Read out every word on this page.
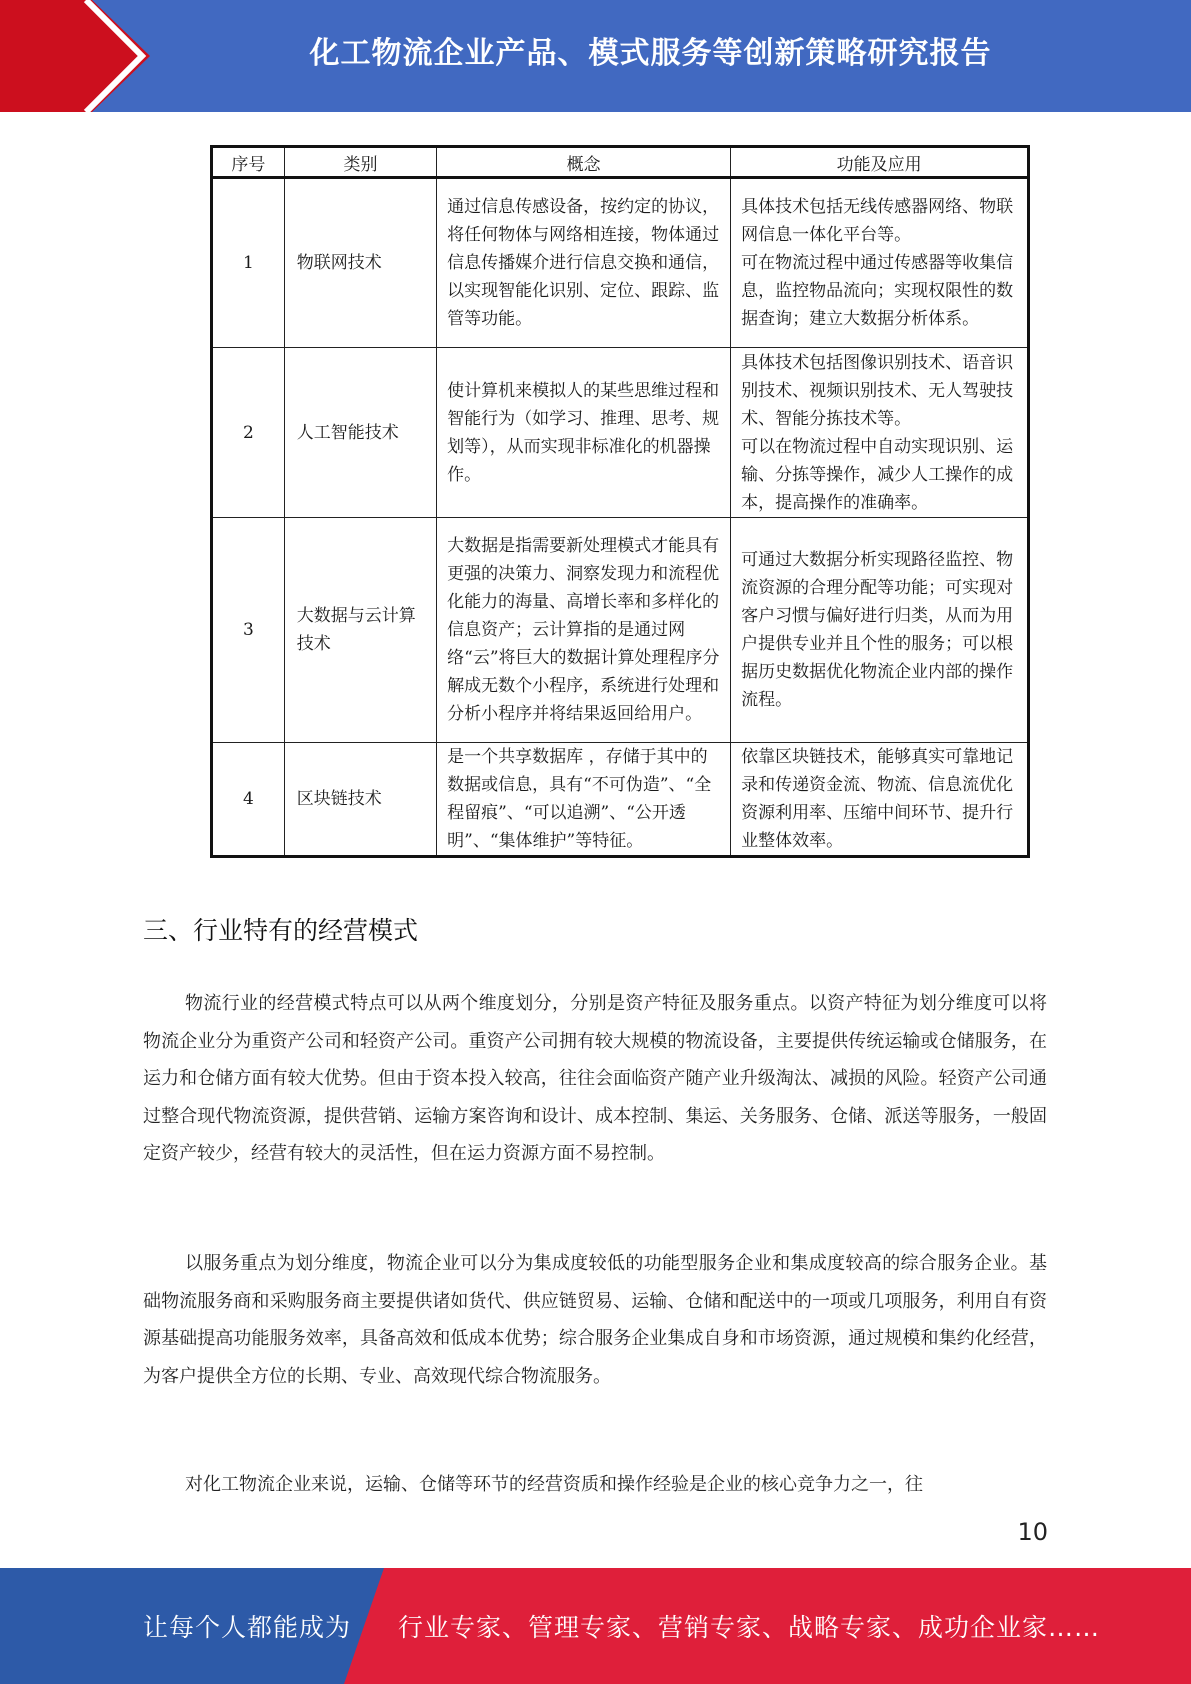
化工物流企业产品、模式服务等创新策略研究报告
序号	类别	概念	功能及应用
1	物联网技术	通过信息传感设备，按约定的协议，将任何物体与网络相连接，物体通过信息传播媒介进行信息交换和通信，以实现智能化识别、定位、跟踪、监管等功能。	具体技术包括无线传感器网络、物联网信息一体化平台等。
可在物流过程中通过传感器等收集信息，监控物品流向；实现权限性的数据查询；建立大数据分析体系。
2	人工智能技术	使计算机来模拟人的某些思维过程和智能行为（如学习、推理、思考、规划等），从而实现非标准化的机器操作。	具体技术包括图像识别技术、语音识别技术、视频识别技术、无人驾驶技术、智能分拣技术等。
可以在物流过程中自动实现识别、运输、分拣等操作，减少人工操作的成本，提高操作的准确率。
3	大数据与云计算技术	大数据是指需要新处理模式才能具有更强的决策力、洞察发现力和流程优化能力的海量、高增长率和多样化的信息资产；云计算指的是通过网络“云”将巨大的数据计算处理程序分解成无数个小程序，系统进行处理和分析小程序并将结果返回给用户。	可通过大数据分析实现路径监控、物流资源的合理分配等功能；可实现对客户习惯与偏好进行归类，从而为用户提供专业并且个性的服务；可以根据历史数据优化物流企业内部的操作流程。
4	区块链技术	是一个共享数据库 ，存储于其中的数据或信息，具有“不可伪造”、“全程留痕”、“可以追溯”、“公开透明”、“集体维护”等特征。	依靠区块链技术，能够真实可靠地记录和传递资金流、物流、信息流优化资源利用率、压缩中间环节、提升行业整体效率。
三、行业特有的经营模式

物流行业的经营模式特点可以从两个维度划分，分别是资产特征及服务重点。以资产特征为划分维度可以将物流企业分为重资产公司和轻资产公司。重资产公司拥有较大规模的物流设备，主要提供传统运输或仓储服务，在运力和仓储方面有较大优势。但由于资本投入较高，往往会面临资产随产业升级淘汰、减损的风险。轻资产公司通过整合现代物流资源，提供营销、运输方案咨询和设计、成本控制、集运、关务服务、仓储、派送等服务，一般固定资产较少，经营有较大的灵活性，但在运力资源方面不易控制。

以服务重点为划分维度，物流企业可以分为集成度较低的功能型服务企业和集成度较高的综合服务企业。基础物流服务商和采购服务商主要提供诸如货代、供应链贸易、运输、仓储和配送中的一项或几项服务，利用自有资源基础提高功能服务效率，具备高效和低成本优势；综合服务企业集成自身和市场资源，通过规模和集约化经营，为客户提供全方位的长期、专业、高效现代综合物流服务。

对化工物流企业来说，运输、仓储等环节的经营资质和操作经验是企业的核心竞争力之一，往

10
让每个人都能成为 行业专家、管理专家、营销专家、战略专家、成功企业家……
